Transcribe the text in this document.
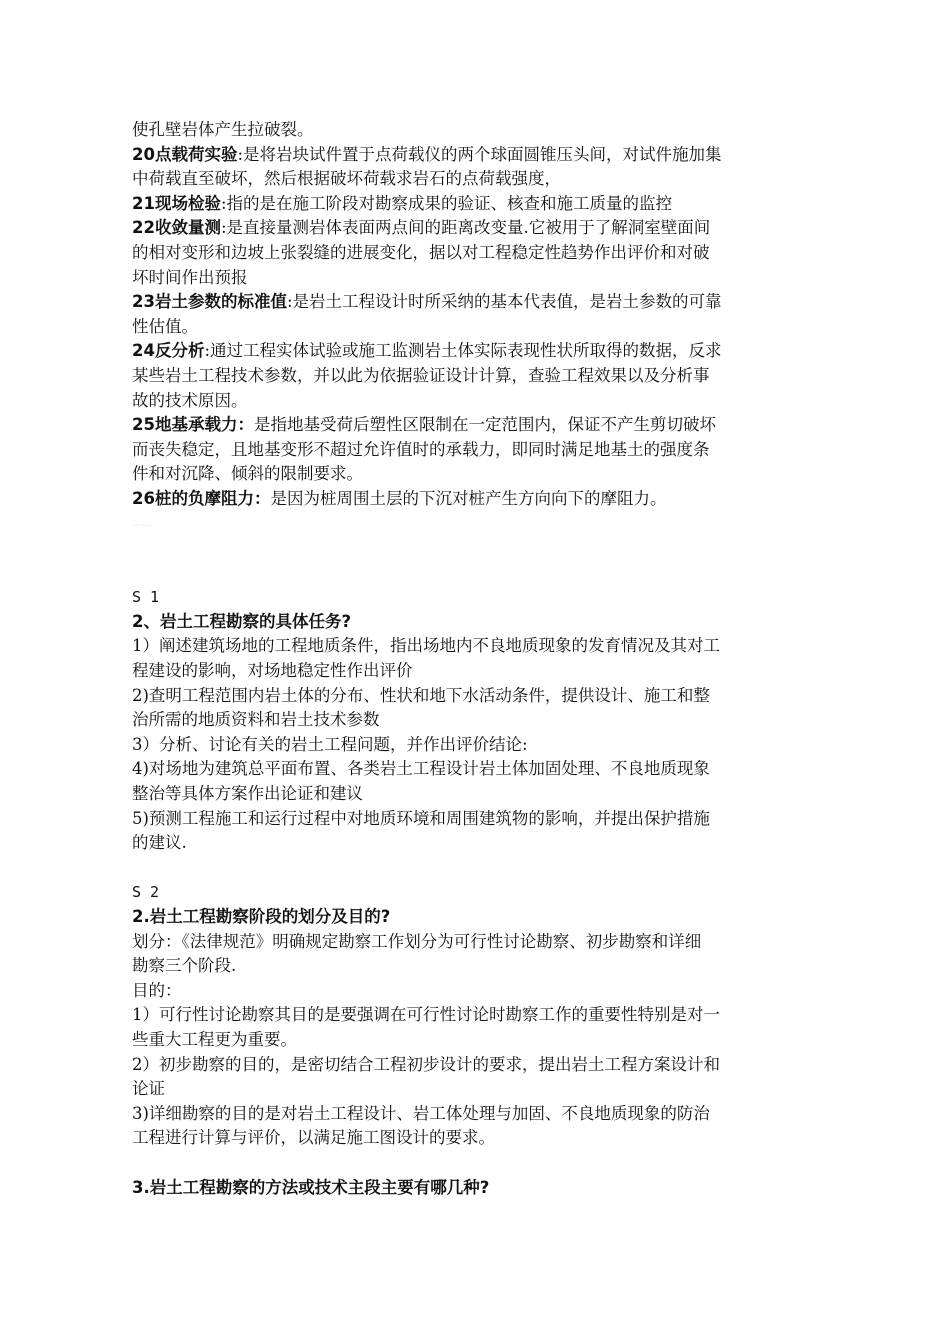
使孔壁岩体产生拉破裂。
20点载荷实验:是将岩块试件置于点荷载仪的两个球面圆锥压头间，对试件施加集
中荷载直至破坏，然后根据破坏荷载求岩石的点荷载强度，
21现场检验:指的是在施工阶段对勘察成果的验证、核查和施工质量的监控
22收敛量测:是直接量测岩体表面两点间的距离改变量.它被用于了解洞室壁面间
的相对变形和边坡上张裂缝的进展变化，据以对工程稳定性趋势作出评价和对破
坏时间作出预报
23岩土参数的标准值:是岩土工程设计时所采纳的基本代表值，是岩土参数的可靠
性估值。
24反分析:通过工程实体试验或施工监测岩土体实际表现性状所取得的数据，反求
某些岩土工程技术参数，并以此为依据验证设计计算，查验工程效果以及分析事
故的技术原因。
25地基承载力：是指地基受荷后塑性区限制在一定范围内，保证不产生剪切破坏
而丧失稳定，且地基变形不超过允许值时的承载力，即同时满足地基土的强度条
件和对沉降、倾斜的限制要求。
26桩的负摩阻力：是因为桩周围土层的下沉对桩产生方向向下的摩阻力。
……
S 1
2、岩土工程勘察的具体任务?
1）阐述建筑场地的工程地质条件，指出场地内不良地质现象的发育情况及其对工
程建设的影响，对场地稳定性作出评价
2)查明工程范围内岩土体的分布、性状和地下水活动条件，提供设计、施工和整
治所需的地质资料和岩土技术参数
3）分析、讨论有关的岩土工程问题，并作出评价结论:
4)对场地为建筑总平面布置、各类岩土工程设计岩土体加固处理、不良地质现象
整治等具体方案作出论证和建议
5)预测工程施工和运行过程中对地质环境和周围建筑物的影响，并提出保护措施
的建议.
S 2
2.岩土工程勘察阶段的划分及目的?
划分：《法律规范》明确规定勘察工作划分为可行性讨论勘察、初步勘察和详细
勘察三个阶段.
目的：
1）可行性讨论勘察其目的是要强调在可行性讨论时勘察工作的重要性特别是对一
些重大工程更为重要。
2）初步勘察的目的，是密切结合工程初步设计的要求，提出岩土工程方案设计和
论证
3)详细勘察的目的是对岩土工程设计、岩工体处理与加固、不良地质现象的防治
工程进行计算与评价，以满足施工图设计的要求。
3.岩土工程勘察的方法或技术主段主要有哪几种?
